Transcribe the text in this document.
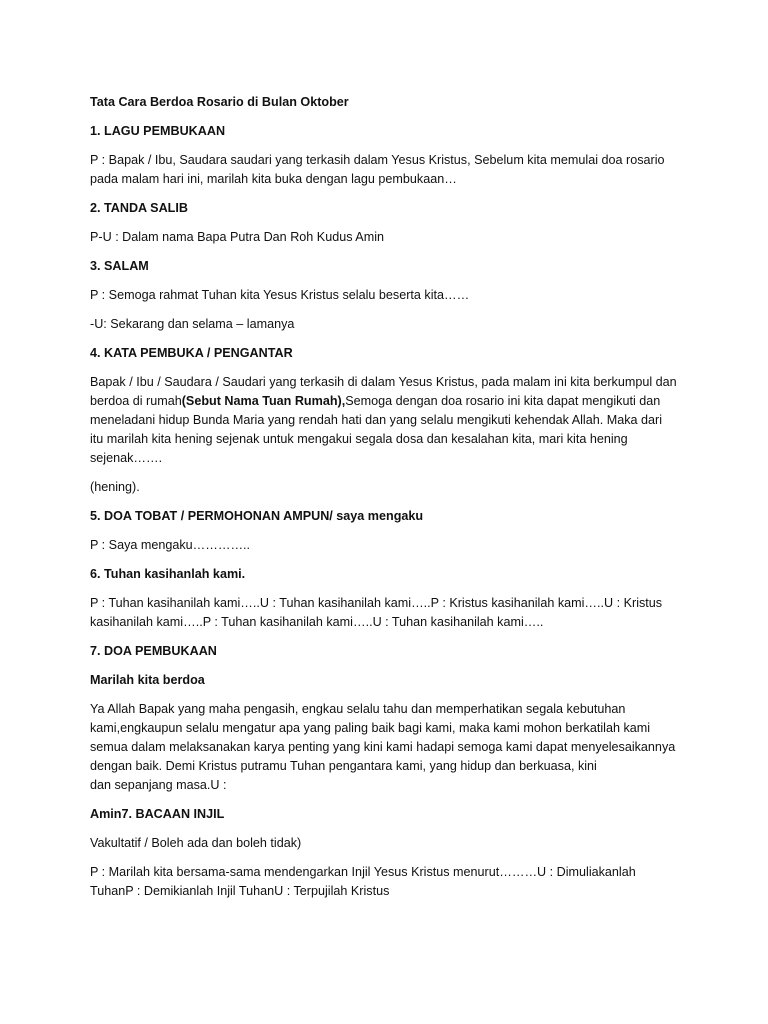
Tata Cara Berdoa Rosario di Bulan Oktober

1. LAGU PEMBUKAAN

P : Bapak / Ibu, Saudara saudari yang terkasih dalam Yesus Kristus, Sebelum kita memulai doa rosario
pada malam hari ini, marilah kita buka dengan lagu pembukaan…

2. TANDA SALIB

P-U : Dalam nama Bapa Putra Dan Roh Kudus Amin

3. SALAM

P : Semoga rahmat Tuhan kita Yesus Kristus selalu beserta kita……

-U: Sekarang dan selama – lamanya

4. KATA PEMBUKA / PENGANTAR

Bapak / Ibu / Saudara / Saudari yang terkasih di dalam Yesus Kristus, pada malam ini kita berkumpul dan
berdoa di rumah(Sebut Nama Tuan Rumah),Semoga dengan doa rosario ini kita dapat mengikuti dan
meneladani hidup Bunda Maria yang rendah hati dan yang selalu mengikuti kehendak Allah. Maka dari
itu marilah kita hening sejenak untuk mengakui segala dosa dan kesalahan kita, mari kita hening
sejenak…….

(hening).

5. DOA TOBAT / PERMOHONAN AMPUN/ saya mengaku

P : Saya mengaku…………..

6. Tuhan kasihanlah kami.

P : Tuhan kasihanilah kami…..U : Tuhan kasihanilah kami…..P : Kristus kasihanilah kami…..U : Kristus
kasihanilah kami…..P : Tuhan kasihanilah kami…..U : Tuhan kasihanilah kami…..

7. DOA PEMBUKAAN

Marilah kita berdoa

Ya Allah Bapak yang maha pengasih, engkau selalu tahu dan memperhatikan segala kebutuhan
kami,engkaupun selalu mengatur apa yang paling baik bagi kami, maka kami mohon berkatilah kami
semua dalam melaksanakan karya penting yang kini kami hadapi semoga kami dapat menyelesaikannya
dengan baik. Demi Kristus putramu Tuhan pengantara kami, yang hidup dan berkuasa, kini
dan sepanjang masa.U :

Amin7. BACAAN INJIL

Vakultatif / Boleh ada dan boleh tidak)

P : Marilah kita bersama-sama mendengarkan Injil Yesus Kristus menurut………U : Dimuliakanlah
TuhanP : Demikianlah Injil TuhanU : Terpujilah Kristus
